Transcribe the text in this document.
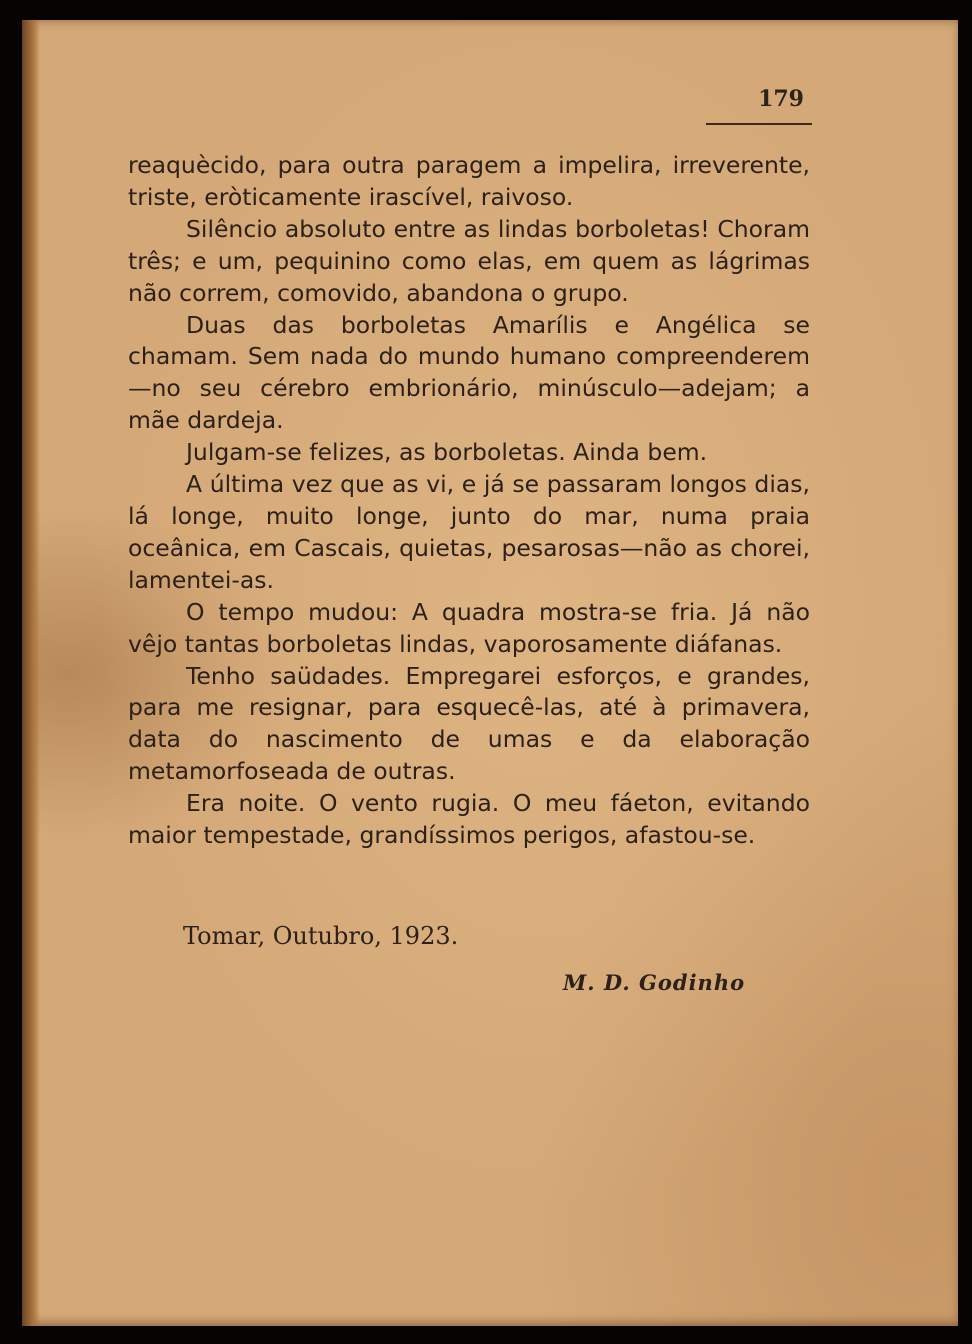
179

reaquècido, para outra paragem a impelira, irreverente, triste, eròticamente irascível, raivoso.

Silêncio absoluto entre as lindas borboletas! Choram três; e um, pequinino como elas, em quem as lágrimas não correm, comovido, abandona o grupo.

Duas das borboletas Amarílis e Angélica se chamam. Sem nada do mundo humano compreenderem—no seu cérebro embrionário, minúsculo—adejam; a mãe dardeja.

Julgam-se felizes, as borboletas. Ainda bem.

A última vez que as vi, e já se passaram longos dias, lá longe, muito longe, junto do mar, numa praia oceânica, em Cascais, quietas, pesarosas—não as chorei, lamentei-as.

O tempo mudou: A quadra mostra-se fria. Já não vêjo tantas borboletas lindas, vaporosamente diáfanas.

Tenho saüdades. Empregarei esforços, e grandes, para me resignar, para esquecê-las, até à primavera, data do nascimento de umas e da elaboração metamorfoseada de outras.

Era noite. O vento rugia. O meu fáeton, evitando maior tempestade, grandíssimos perigos, afastou-se.

Tomar, Outubro, 1923.
M. D. Godinho
